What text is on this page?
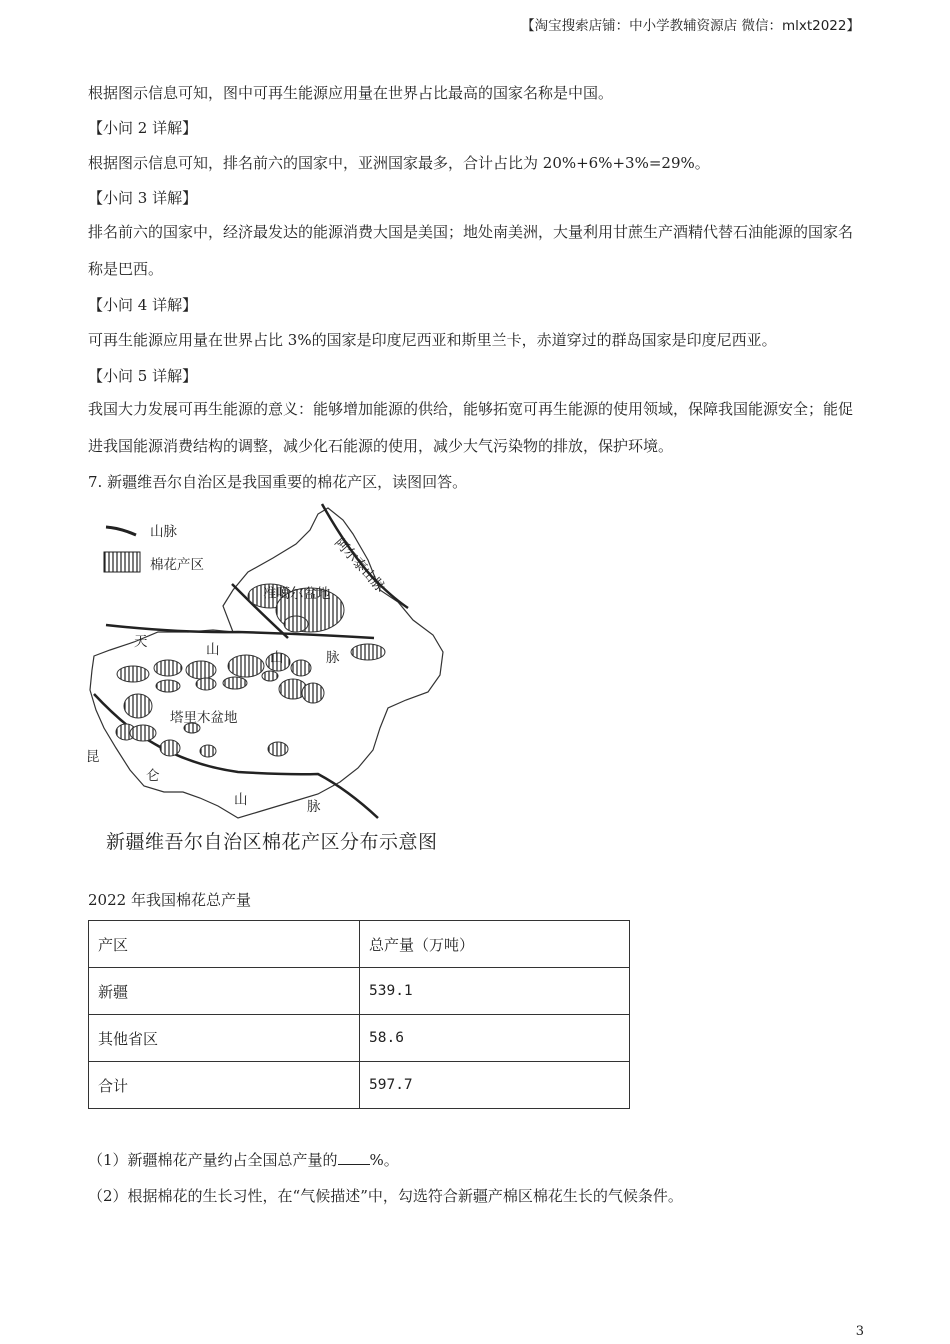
【淘宝搜索店铺：中小学教辅资源店 微信：mlxt2022】
根据图示信息可知，图中可再生能源应用量在世界占比最高的国家名称是中国。
【小问 2 详解】
根据图示信息可知，排名前六的国家中，亚洲国家最多，合计占比为 20%+6%+3%=29%。
【小问 3 详解】
排名前六的国家中，经济最发达的能源消费大国是美国；地处南美洲，大量利用甘蔗生产酒精代替石油能源的国家名称是巴西。
【小问 4 详解】
可再生能源应用量在世界占比 3%的国家是印度尼西亚和斯里兰卡，赤道穿过的群岛国家是印度尼西亚。
【小问 5 详解】
我国大力发展可再生能源的意义：能够增加能源的供给，能够拓宽可再生能源的使用领域，保障我国能源安全；能促进我国能源消费结构的调整，减少化石能源的使用，减少大气污染物的排放，保护环境。
7. 新疆维吾尔自治区是我国重要的棉花产区，读图回答。
山脉
棉花产区	阿尔泰山脉
准噶尔盆地
天	山	山	脉
塔里木盆地
昆
仑
山	脉
新疆维吾尔自治区棉花产区分布示意图
2022 年我国棉花总产量
产区	总产量（万吨）
新疆	539.1
其他省区	58.6
合计	597.7
（1）新疆棉花产量约占全国总产量的 %。
（2）根据棉花的生长习性，在“气候描述”中，勾选符合新疆产棉区棉花生长的气候条件。
3
